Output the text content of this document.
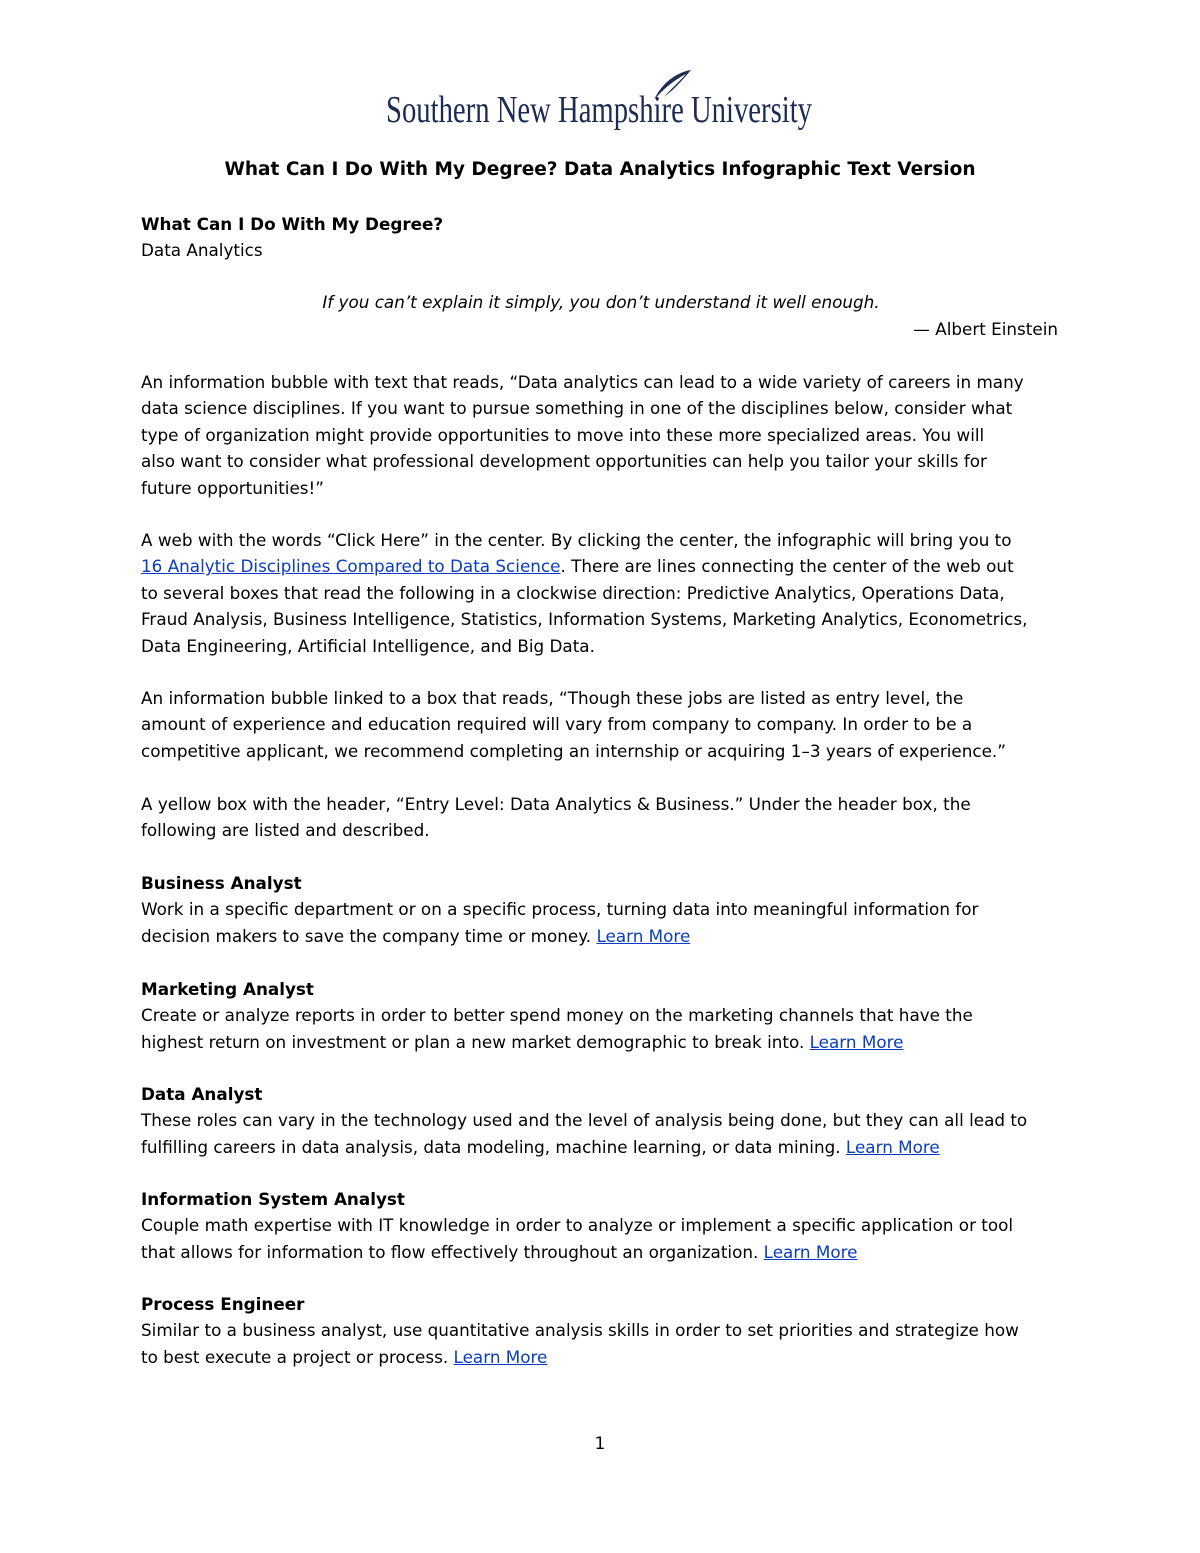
Southern New Hampshire University
What Can I Do With My Degree? Data Analytics Infographic Text Version
What Can I Do With My Degree?
Data Analytics
If you can’t explain it simply, you don’t understand it well enough.
— Albert Einstein
An information bubble with text that reads, “Data analytics can lead to a wide variety of careers in many
data science disciplines. If you want to pursue something in one of the disciplines below, consider what
type of organization might provide opportunities to move into these more specialized areas. You will
also want to consider what professional development opportunities can help you tailor your skills for
future opportunities!”
A web with the words “Click Here” in the center. By clicking the center, the infographic will bring you to
16 Analytic Disciplines Compared to Data Science. There are lines connecting the center of the web out
to several boxes that read the following in a clockwise direction: Predictive Analytics, Operations Data,
Fraud Analysis, Business Intelligence, Statistics, Information Systems, Marketing Analytics, Econometrics,
Data Engineering, Artificial Intelligence, and Big Data.
An information bubble linked to a box that reads, “Though these jobs are listed as entry level, the
amount of experience and education required will vary from company to company. In order to be a
competitive applicant, we recommend completing an internship or acquiring 1–3 years of experience.”
A yellow box with the header, “Entry Level: Data Analytics & Business.” Under the header box, the
following are listed and described.
Business Analyst
Work in a specific department or on a specific process, turning data into meaningful information for
decision makers to save the company time or money. Learn More
Marketing Analyst
Create or analyze reports in order to better spend money on the marketing channels that have the
highest return on investment or plan a new market demographic to break into. Learn More
Data Analyst
These roles can vary in the technology used and the level of analysis being done, but they can all lead to
fulfilling careers in data analysis, data modeling, machine learning, or data mining. Learn More
Information System Analyst
Couple math expertise with IT knowledge in order to analyze or implement a specific application or tool
that allows for information to flow effectively throughout an organization. Learn More
Process Engineer
Similar to a business analyst, use quantitative analysis skills in order to set priorities and strategize how
to best execute a project or process. Learn More
1
